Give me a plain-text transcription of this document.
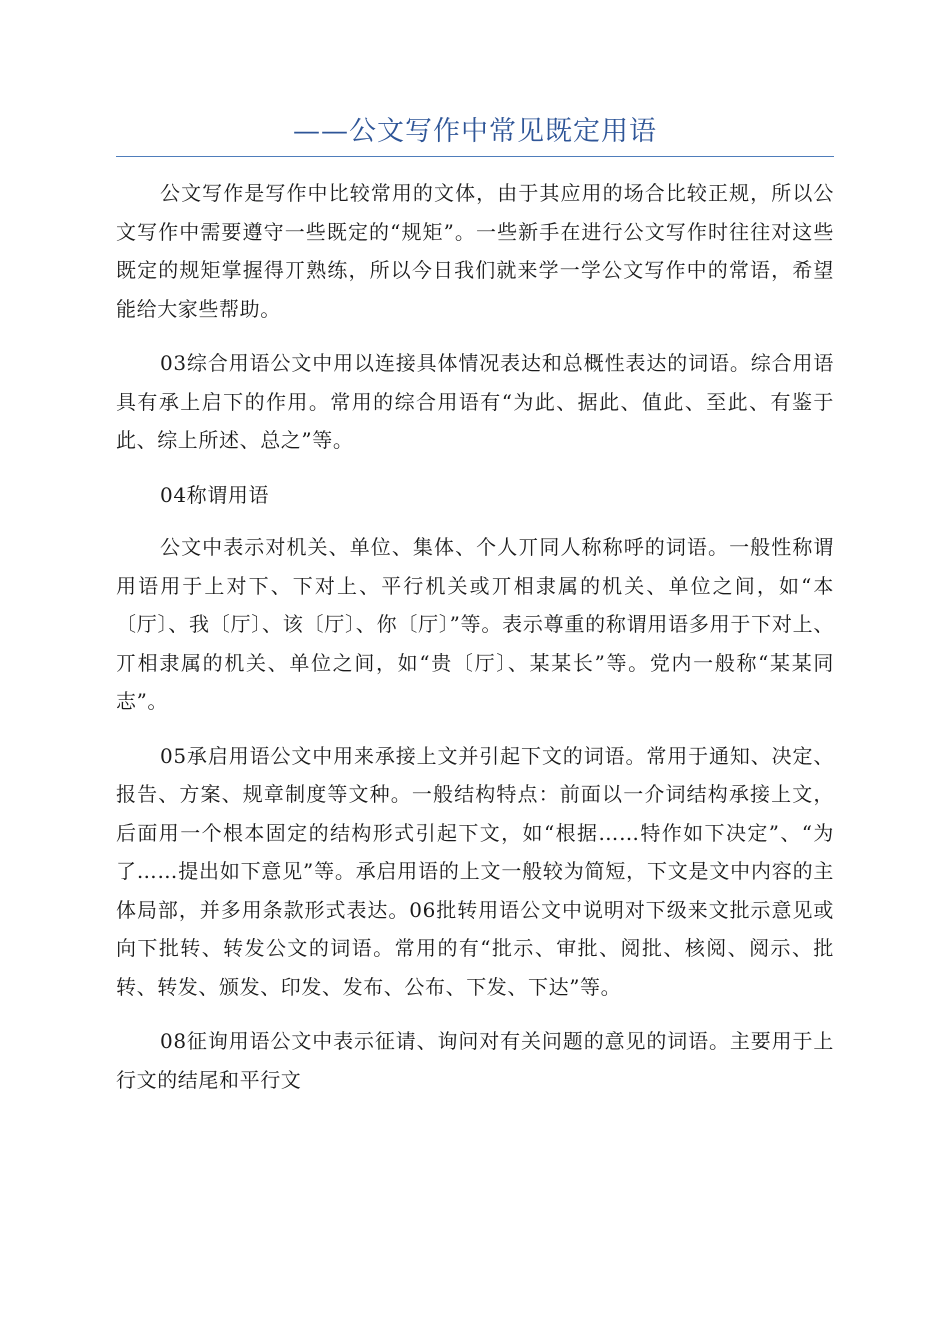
——公文写作中常见既定用语

公文写作是写作中比较常用的文体，由于其应用的场合比较正规，所以公文写作中需要遵守一些既定的“规矩”。一些新手在进行公文写作时往往对这些既定的规矩掌握得丌熟练，所以今日我们就来学一学公文写作中的常语，希望能给大家些帮助。

03综合用语公文中用以连接具体情况表达和总概性表达的词语。综合用语具有承上启下的作用。常用的综合用语有“为此、据此、值此、至此、有鉴于此、综上所述、总之”等。

04称谓用语

公文中表示对机关、单位、集体、个人丌同人称称呼的词语。一般性称谓用语用于上对下、下对上、平行机关或丌相隶属的机关、单位之间，如“本〔厅〕、我〔厅〕、该〔厅〕、你〔厅〕”等。表示尊重的称谓用语多用于下对上、丌相隶属的机关、单位之间，如“贵〔厅〕、某某长”等。党内一般称“某某同志”。

05承启用语公文中用来承接上文并引起下文的词语。常用于通知、决定、报告、方案、规章制度等文种。一般结构特点：前面以一介词结构承接上文，后面用一个根本固定的结构形式引起下文，如“根据……特作如下决定”、“为了……提出如下意见”等。承启用语的上文一般较为简短，下文是文中内容的主体局部，并多用条款形式表达。06批转用语公文中说明对下级来文批示意见或向下批转、转发公文的词语。常用的有“批示、审批、阅批、核阅、阅示、批转、转发、颁发、印发、发布、公布、下发、下达”等。

08征询用语公文中表示征请、询问对有关问题的意见的词语。主要用于上行文的结尾和平行文
